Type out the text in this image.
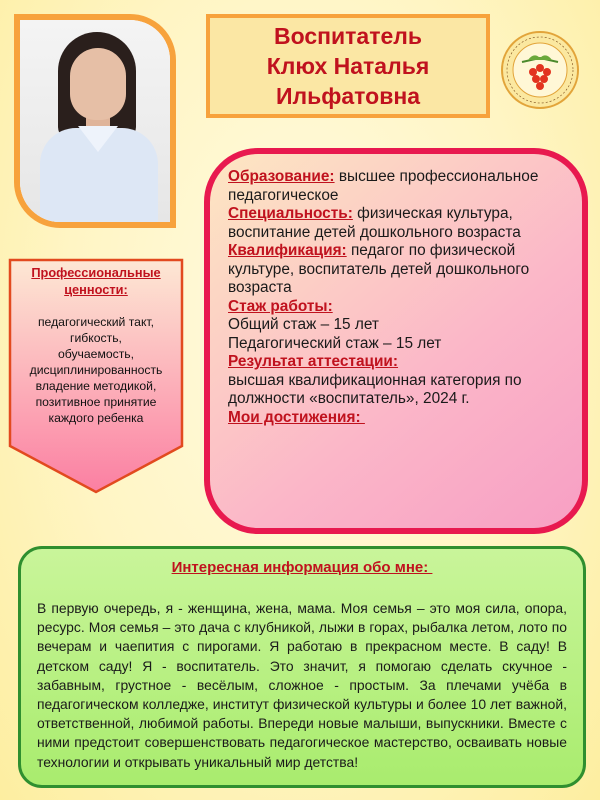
Воспитатель
Клюх Наталья
Ильфатовна
Профессиональные
ценности:
педагогический такт,
гибкость,
обучаемость,
дисциплинированность
владение методикой,
позитивное принятие
каждого ребенка
Образование: высшее профессиональное педагогическое
Специальность: физическая культура, воспитание детей дошкольного возраста
Квалификация: педагог по физической культуре, воспитатель детей дошкольного возраста
Стаж работы:
Общий стаж – 15 лет
Педагогический стаж – 15 лет
Результат аттестации:
высшая квалификационная категория по должности «воспитатель», 2024 г.
Мои достижения:
Интересная информация обо мне:
В первую очередь, я - женщина, жена, мама. Моя семья – это моя сила, опора, ресурс. Моя семья – это дача с клубникой, лыжи в горах, рыбалка летом, лото по вечерам и чаепития с пирогами. Я работаю в прекрасном месте. В саду! В детском саду! Я - воспитатель. Это значит, я помогаю сделать скучное - забавным, грустное - весёлым, сложное - простым. За плечами учёба в педагогическом колледже, институт физической культуры и более 10 лет важной, ответственной, любимой работы. Впереди новые малыши, выпускники. Вместе с ними предстоит совершенствовать педагогическое мастерство, осваивать новые технологии и открывать уникальный мир детства!
